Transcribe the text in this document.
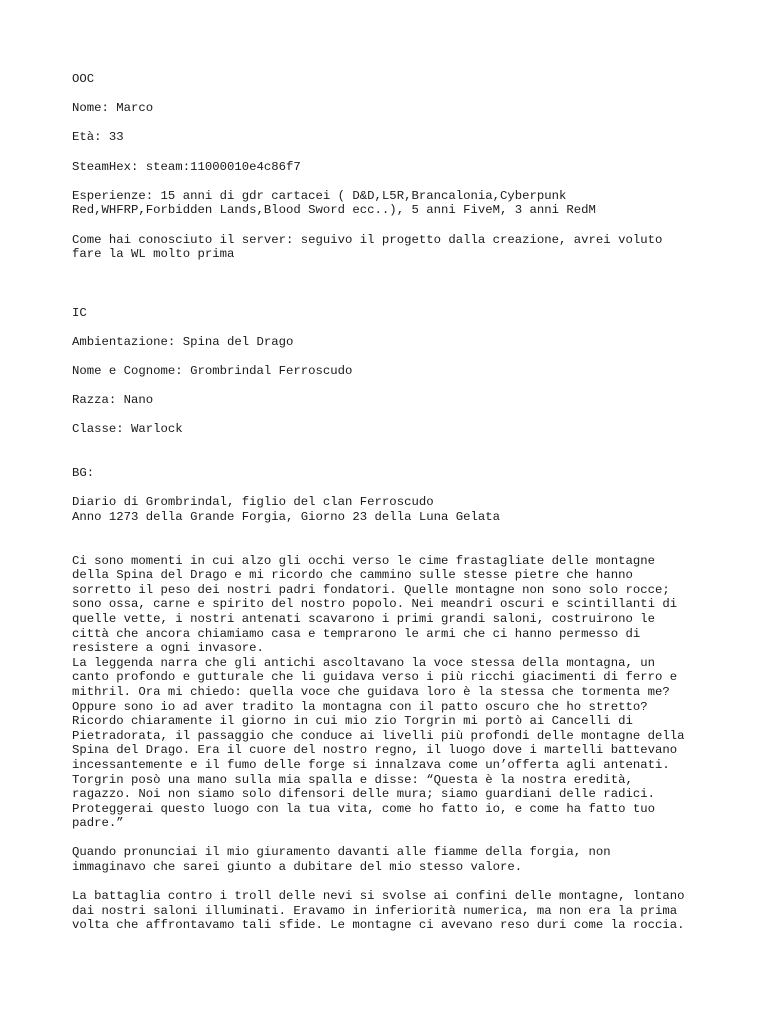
OOC
Nome: Marco
Età: 33
SteamHex: steam:11000010e4c86f7
Esperienze: 15 anni di gdr cartacei ( D&D,L5R,Brancalonia,Cyberpunk
Red,WHFRP,Forbidden Lands,Blood Sword ecc..), 5 anni FiveM, 3 anni RedM
Come hai conosciuto il server: seguivo il progetto dalla creazione, avrei voluto
fare la WL molto prima
IC
Ambientazione: Spina del Drago
Nome e Cognome: Grombrindal Ferroscudo
Razza: Nano
Classe: Warlock
BG:
Diario di Grombrindal, figlio del clan Ferroscudo
Anno 1273 della Grande Forgia, Giorno 23 della Luna Gelata
Ci sono momenti in cui alzo gli occhi verso le cime frastagliate delle montagne
della Spina del Drago e mi ricordo che cammino sulle stesse pietre che hanno
sorretto il peso dei nostri padri fondatori. Quelle montagne non sono solo rocce;
sono ossa, carne e spirito del nostro popolo. Nei meandri oscuri e scintillanti di
quelle vette, i nostri antenati scavarono i primi grandi saloni, costruirono le
città che ancora chiamiamo casa e temprarono le armi che ci hanno permesso di
resistere a ogni invasore.
La leggenda narra che gli antichi ascoltavano la voce stessa della montagna, un
canto profondo e gutturale che li guidava verso i più ricchi giacimenti di ferro e
mithril. Ora mi chiedo: quella voce che guidava loro è la stessa che tormenta me?
Oppure sono io ad aver tradito la montagna con il patto oscuro che ho stretto?
Ricordo chiaramente il giorno in cui mio zio Torgrin mi portò ai Cancelli di
Pietradorata, il passaggio che conduce ai livelli più profondi delle montagne della
Spina del Drago. Era il cuore del nostro regno, il luogo dove i martelli battevano
incessantemente e il fumo delle forge si innalzava come un’offerta agli antenati.
Torgrin posò una mano sulla mia spalla e disse: “Questa è la nostra eredità,
ragazzo. Noi non siamo solo difensori delle mura; siamo guardiani delle radici.
Proteggerai questo luogo con la tua vita, come ho fatto io, e come ha fatto tuo
padre.”
Quando pronunciai il mio giuramento davanti alle fiamme della forgia, non
immaginavo che sarei giunto a dubitare del mio stesso valore.
La battaglia contro i troll delle nevi si svolse ai confini delle montagne, lontano
dai nostri saloni illuminati. Eravamo in inferiorità numerica, ma non era la prima
volta che affrontavamo tali sfide. Le montagne ci avevano reso duri come la roccia.
